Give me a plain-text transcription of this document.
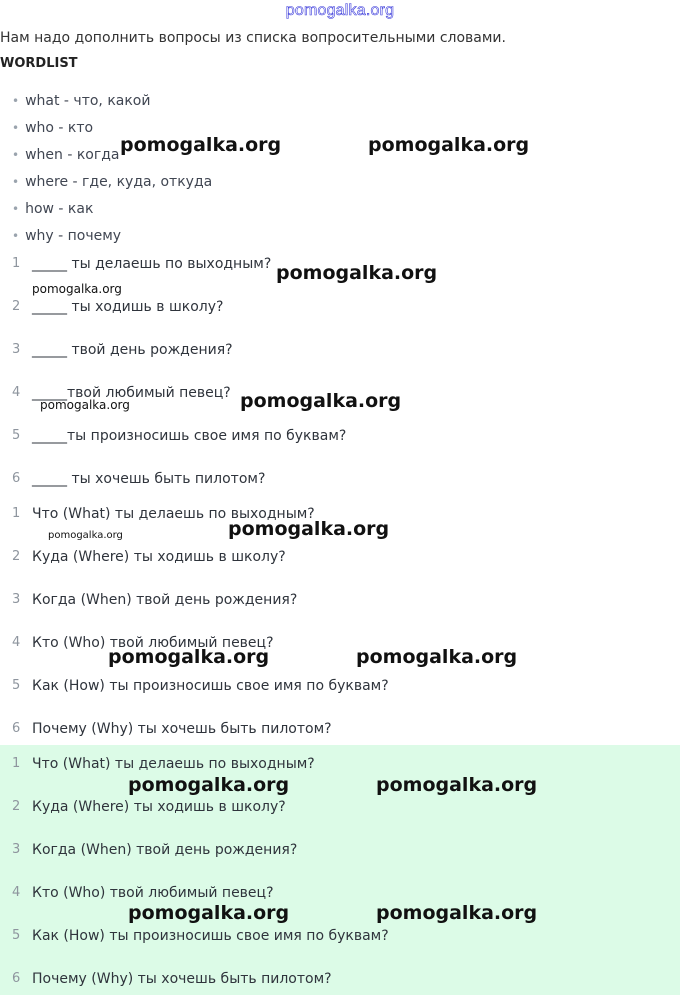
pomogalka.org
Нам надо дополнить вопросы из списка вопросительными словами.
WORDLIST
• what - что, какой
• who - кто
• when - когда
• where - где, куда, откуда
• how - как
• why - почему
1 _____ ты делаешь по выходным?
2 _____ ты ходишь в школу?
3 _____ твой день рождения?
4 _____твой любимый певец?
5 _____ты произносишь свое имя по буквам?
6 _____ ты хочешь быть пилотом?
1 Что (What) ты делаешь по выходным?
2 Куда (Where) ты ходишь в школу?
3 Когда (When) твой день рождения?
4 Кто (Who) твой любимый певец?
5 Как (How) ты произносишь свое имя по буквам?
6 Почему (Why) ты хочешь быть пилотом?
1 Что (What) ты делаешь по выходным?
2 Куда (Where) ты ходишь в школу?
3 Когда (When) твой день рождения?
4 Кто (Who) твой любимый певец?
5 Как (How) ты произносишь свое имя по буквам?
6 Почему (Why) ты хочешь быть пилотом?
pomogalka.org	pomogalka.org
pomogalka.org
pomogalka.org
pomogalka.org
pomogalka.org
pomogalka.org
pomogalka.org
pomogalka.org	pomogalka.org
pomogalka.org	pomogalka.org
pomogalka.org	pomogalka.org
